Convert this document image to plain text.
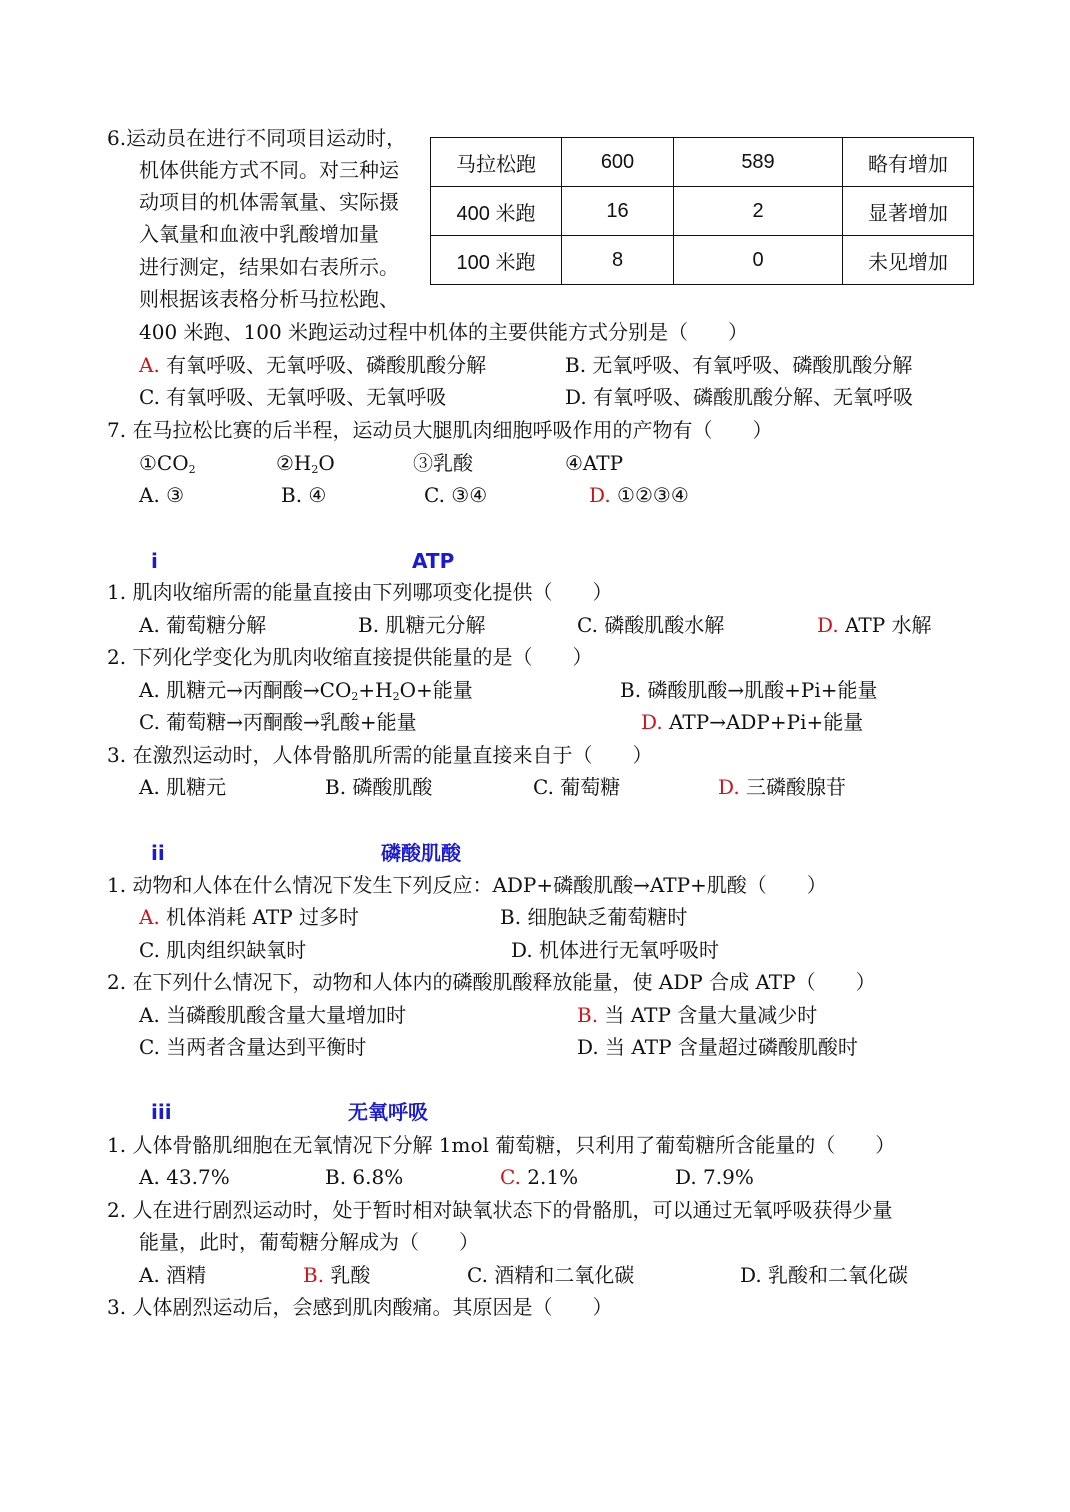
6.运动员在进行不同项目运动时，
机体供能方式不同。对三种运
动项目的机体需氧量、实际摄
入氧量和血液中乳酸增加量
进行测定，结果如右表所示。
则根据该表格分析马拉松跑、
400 米跑、100 米跑运动过程中机体的主要供能方式分别是（　　）
马拉松跑	600	589	略有增加
400 米跑	16	2	显著增加
100 米跑	8	0	未见增加
A. 有氧呼吸、无氧呼吸、磷酸肌酸分解	B. 无氧呼吸、有氧呼吸、磷酸肌酸分解
C. 有氧呼吸、无氧呼吸、无氧呼吸	D. 有氧呼吸、磷酸肌酸分解、无氧呼吸
7. 在马拉松比赛的后半程，运动员大腿肌肉细胞呼吸作用的产物有（　　）
$①CO_2$	$②H_2O$	③乳酸	④ATP
A. ③	B. ④	C. ③④	D. ①②③④
i	ATP
1. 肌肉收缩所需的能量直接由下列哪项变化提供（　　）
A. 葡萄糖分解	B. 肌糖元分解	C. 磷酸肌酸水解	D. ATP 水解
2. 下列化学变化为肌肉收缩直接提供能量的是（　　）
A. 肌糖元→丙酮酸$\to CO_2+H_2O+$能量	B. 磷酸肌酸→肌酸+Pi+能量
C. 葡萄糖→丙酮酸→乳酸+能量	D. ATP→ADP+Pi+能量
3. 在激烈运动时，人体骨骼肌所需的能量直接来自于（　　）
A. 肌糖元	B. 磷酸肌酸	C. 葡萄糖	D. 三磷酸腺苷
ii	磷酸肌酸
1. 动物和人体在什么情况下发生下列反应：ADP+磷酸肌酸→ATP+肌酸（　　）
A. 机体消耗 ATP 过多时	B. 细胞缺乏葡萄糖时
C. 肌肉组织缺氧时	D. 机体进行无氧呼吸时
2. 在下列什么情况下，动物和人体内的磷酸肌酸释放能量，使 ADP 合成 ATP（　　）
A. 当磷酸肌酸含量大量增加时	B. 当 ATP 含量大量减少时
C. 当两者含量达到平衡时	D. 当 ATP 含量超过磷酸肌酸时
iii	无氧呼吸
1. 人体骨骼肌细胞在无氧情况下分解 1mol 葡萄糖，只利用了葡萄糖所含能量的（　　）
A. 43.7%	B. 6.8%	C. 2.1%	D. 7.9%
2. 人在进行剧烈运动时，处于暂时相对缺氧状态下的骨骼肌，可以通过无氧呼吸获得少量
能量，此时，葡萄糖分解成为（　　）
A. 酒精	B. 乳酸	C. 酒精和二氧化碳	D. 乳酸和二氧化碳
3. 人体剧烈运动后，会感到肌肉酸痛。其原因是（　　）
